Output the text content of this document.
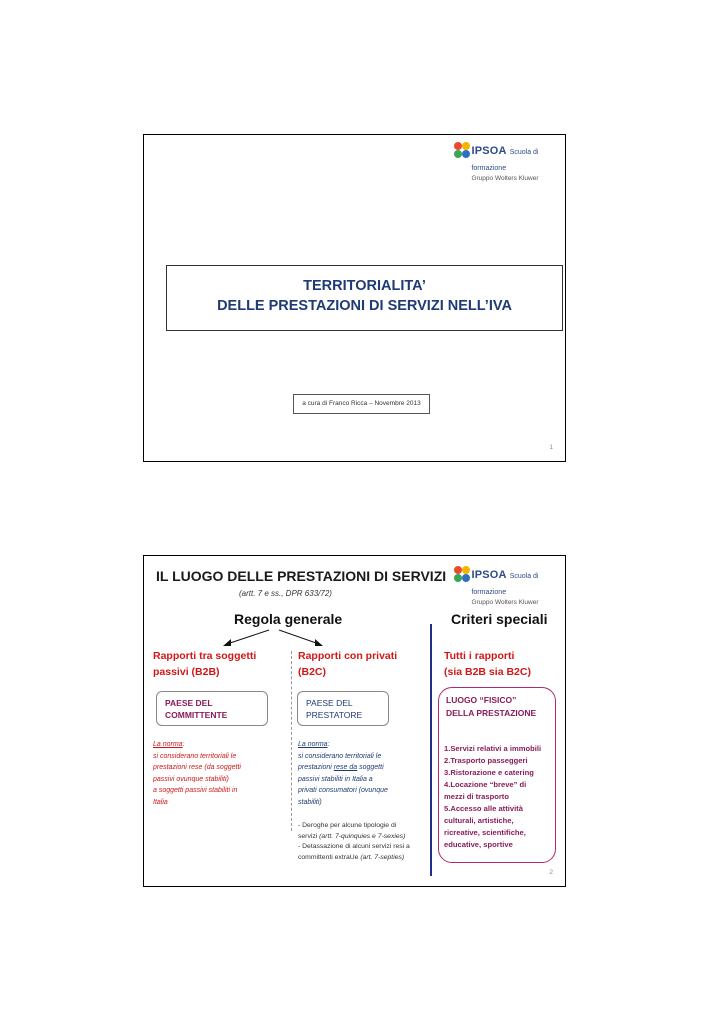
IPSOA Scuola di formazione
Gruppo Wolters Kluwer
TERRITORIALITA’
DELLE PRESTAZIONI DI SERVIZI NELL’IVA
a cura di Franco Ricca – Novembre 2013
1
IL LUOGO DELLE PRESTAZIONI DI SERVIZI
(artt. 7 e ss., DPR 633/72)
IPSOA Scuola di formazione
Gruppo Wolters Kluwer
Regola generale	Criteri speciali
Rapporti tra soggetti
passivi (B2B)
PAESE DEL
COMMITTENTE
La norma:
si considerano territoriali le
prestazioni rese (da soggetti
passivi ovunque stabiliti)
a soggetti passivi stabiliti in
Italia
Rapporti con privati
(B2C)
PAESE DEL
PRESTATORE
La norma:
si considerano territoriali le
prestazioni rese da soggetti
passivi stabiliti in Italia a
privati consumatori (ovunque
stabiliti)
- Deroghe per alcune tipologie di
servizi (artt. 7-quinquies e 7-sexies)
- Detassazione di alcuni servizi resi a
committenti extraUe (art. 7-septies)
Tutti i rapporti
(sia B2B sia B2C)
LUOGO “FISICO”
DELLA PRESTAZIONE
1.Servizi relativi a immobili
2.Trasporto passeggeri
3.Ristorazione e catering
4.Locazione “breve” di
mezzi di trasporto
5.Accesso alle attività
culturali, artistiche,
ricreative, scientifiche,
educative, sportive
2
